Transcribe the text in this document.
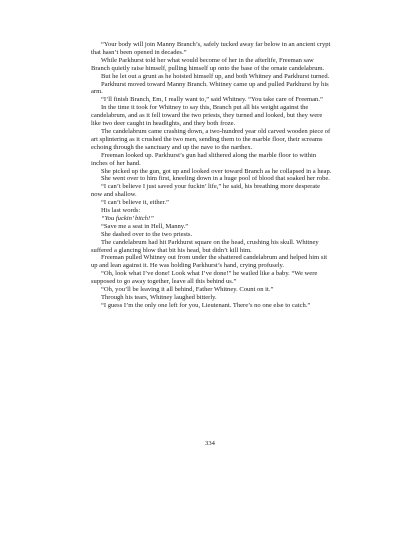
“Your body will join Manny Branch’s, safely tucked away far below in an ancient crypt that hasn’t been opened in decades.”

While Parkhurst told her what would become of her in the afterlife, Freeman saw Branch quietly raise himself, pulling himself up onto the base of the ornate candelabrum.

But he let out a grunt as he hoisted himself up, and both Whitney and Parkhurst turned.

Parkhurst moved toward Manny Branch. Whitney came up and pulled Parkhurst by his arm.

“I’ll finish Branch, Em, I really want to,” said Whitney. “You take care of Freeman.”

In the time it took for Whitney to say this, Branch put all his weight against the candelabrum, and as it fell toward the two priests, they turned and looked, but they were like two deer caught in headlights, and they both froze.

The candelabrum came crashing down, a two-hundred year old carved wooden piece of art splintering as it crushed the two men, sending them to the marble floor, their screams echoing through the sanctuary and up the nave to the narthex.

Freeman looked up. Parkhurst’s gun had slithered along the marble floor to within inches of her hand.

She picked up the gun, got up and looked over toward Branch as he collapsed in a heap.

She went over to him first, kneeling down in a huge pool of blood that soaked her robe.

“I can’t believe I just saved your fuckin’ life,” he said, his breathing more desperate now and shallow.

“I can’t believe it, either.”

His last words:

“You fuckin’ bitch!”

“Save me a seat in Hell, Manny.”

She dashed over to the two priests.

The candelabrum had hit Parkhurst square on the head, crushing his skull. Whitney suffered a glancing blow that bit his head, but didn’t kill him.

Freeman pulled Whitney out from under the shattered candelabrum and helped him sit up and lean against it. He was holding Parkhurst’s hand, crying profusely.

“Oh, look what I’ve done! Look what I’ve done!” he wailed like a baby. “We were supposed to go away together, leave all this behind us.”

“Oh, you’ll be leaving it all behind, Father Whitney. Count on it.”

Through his tears, Whitney laughed bitterly.

“I guess I’m the only one left for you, Lieutenant. There’s no one else to catch.”

334
